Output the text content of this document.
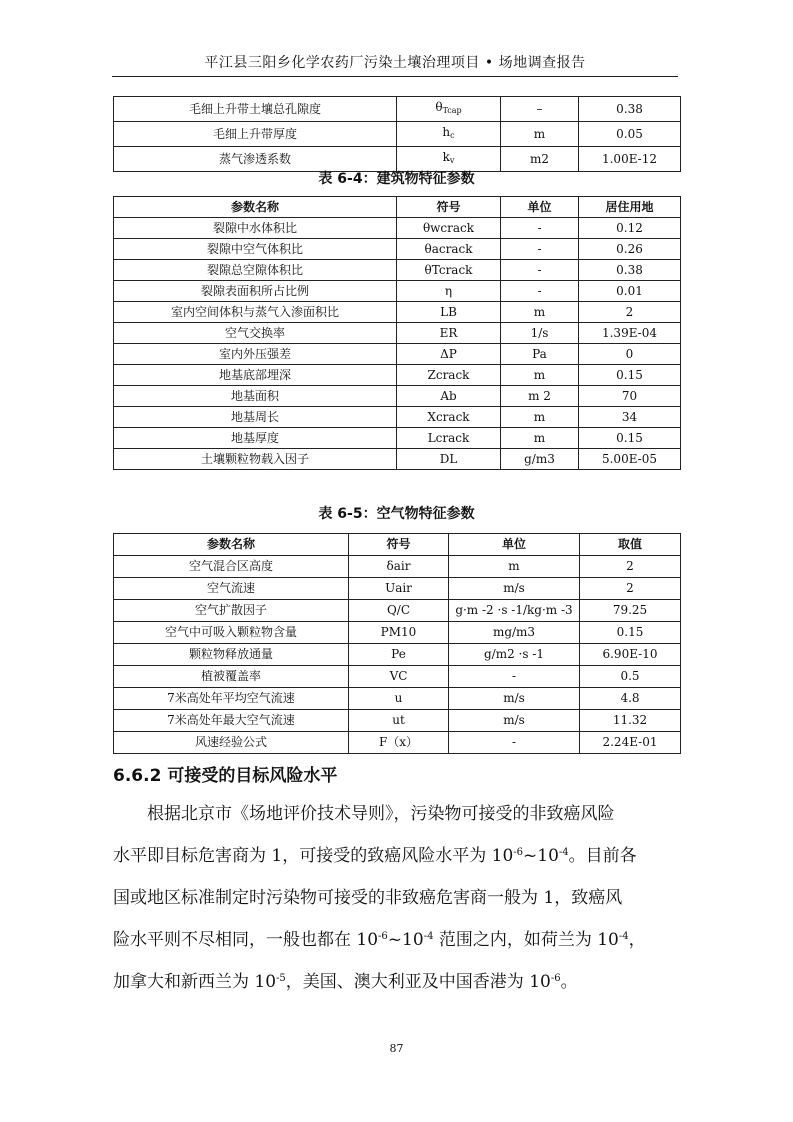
平江县三阳乡化学农药厂污染土壤治理项目 • 场地调查报告
毛细上升带土壤总孔隙度	$\theta_{Tcap}$	–	0.38
毛细上升带厚度	$h_c$	m	0.05
蒸气渗透系数	$k_v$	m2	1.00E-12
表 6-4：建筑物特征参数
参数名称	符号	单位	居住用地
裂隙中水体积比	θwcrack	-	0.12
裂隙中空气体积比	θacrack	-	0.26
裂隙总空隙体积比	θTcrack	-	0.38
裂隙表面积所占比例	η	-	0.01
室内空间体积与蒸气入渗面积比	LB	m	2
空气交换率	ER	1/s	1.39E-04
室内外压强差	ΔP	Pa	0
地基底部埋深	Zcrack	m	0.15
地基面积	Ab	m 2	70
地基周长	Xcrack	m	34
地基厚度	Lcrack	m	0.15
土壤颗粒物载入因子	DL	g/m3	5.00E-05
表 6-5：空气物特征参数
参数名称	符号	单位	取值
空气混合区高度	δair	m	2
空气流速	Uair	m/s	2
空气扩散因子	Q/C	g·m -2 ·s -1/kg·m -3	79.25
空气中可吸入颗粒物含量	PM10	mg/m3	0.15
颗粒物释放通量	Pe	g/m2 ·s -1	6.90E-10
植被覆盖率	VC	-	0.5
7米高处年平均空气流速	u	m/s	4.8
7米高处年最大空气流速	ut	m/s	11.32
风速经验公式	F（x）	-	2.24E-01
6.6.2 可接受的目标风险水平
根据北京市《场地评价技术导则》，污染物可接受的非致癌风险
水平即目标危害商为 1，可接受的致癌风险水平为 $10^{-6}\sim 10^{-4}$。目前各
国或地区标准制定时污染物可接受的非致癌危害商一般为 1，致癌风
险水平则不尽相同，一般也都在 $10^{-6}\sim 10^{-4}$ 范围之内，如荷兰为 $10^{-4}$，
加拿大和新西兰为 $10^{-5}$，美国、澳大利亚及中国香港为 $10^{-6}$。
87
